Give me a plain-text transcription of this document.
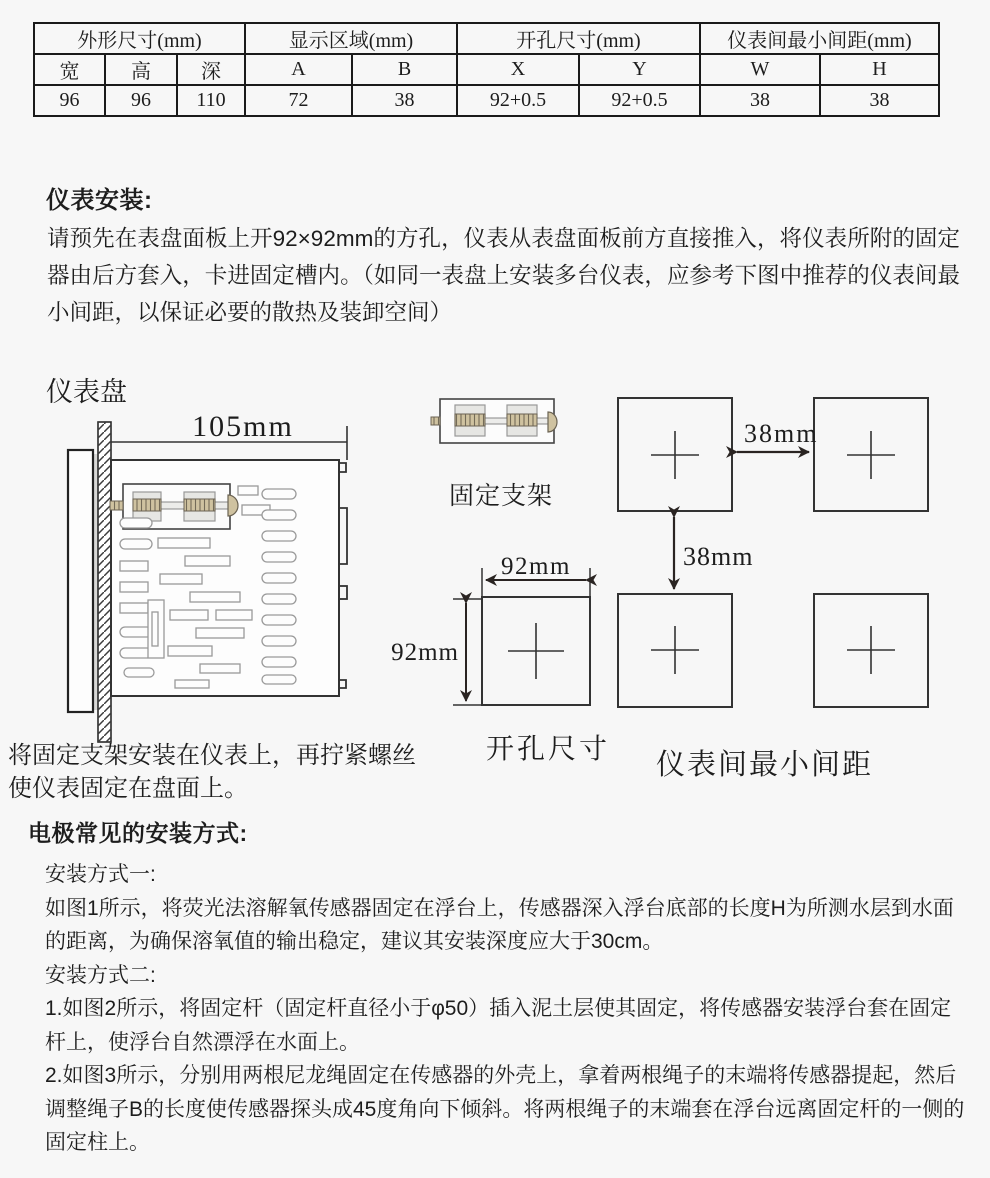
外形尺寸(mm)			显示区域(mm)		开孔尺寸(mm)		仪表间最小间距(mm)	
宽	高	深	A	B	X	Y	W	H
96	96	110	72	38	92+0.5	92+0.5	38	38
仪表安装:
请预先在表盘面板上开92×92mm的方孔，仪表从表盘面板前方直接推入，将仪表所附的固定器由后方套入，卡进固定槽内。（如同一表盘上安装多台仪表，应参考下图中推荐的仪表间最小间距，以保证必要的散热及装卸空间）
仪表盘
105mm
固定支架
92mm
92mm
开孔尺寸
38mm
38mm
仪表间最小间距
将固定支架安装在仪表上，再拧紧螺丝使仪表固定在盘面上。

电极常见的安装方式:

安装方式一:

如图1所示，将荧光法溶解氧传感器固定在浮台上，传感器深入浮台底部的长度H为所测水层到水面的距离，为确保溶氧值的输出稳定，建议其安装深度应大于30cm。

安装方式二:

1.如图2所示，将固定杆（固定杆直径小于φ50）插入泥土层使其固定，将传感器安装浮台套在固定杆上，使浮台自然漂浮在水面上。

2.如图3所示，分别用两根尼龙绳固定在传感器的外壳上，拿着两根绳子的末端将传感器提起，然后调整绳子B的长度使传感器探头成45度角向下倾斜。将两根绳子的末端套在浮台远离固定杆的一侧的固定柱上。
